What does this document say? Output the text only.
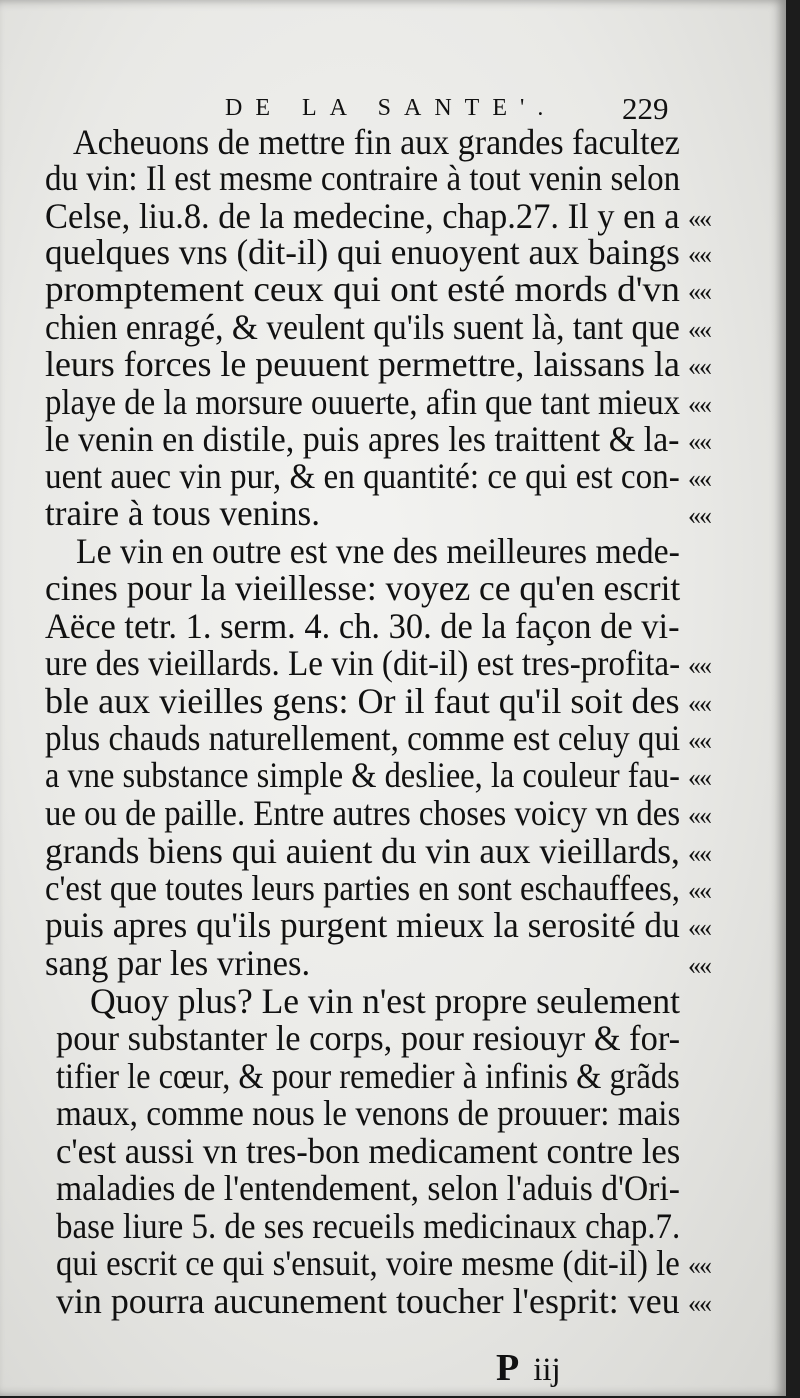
DE LA SANTE'. 229
Acheuons de mettre fin aux grandes facultez
du vin: Il est mesme contraire à tout venin selon
Celse, liu.8. de la medecine, chap.27. Il y en a ««
quelques vns (dit-il) qui enuoyent aux baings ««
promptement ceux qui ont esté mords d'vn ««
chien enragé, & veulent qu'ils suent là, tant que ««
leurs forces le peuuent permettre, laissans la ««
playe de la morsure ouuerte, afin que tant mieux ««
le venin en distile, puis apres les traittent & la- ««
uent auec vin pur, & en quantité: ce qui est con- ««
traire à tous venins.	««
Le vin en outre est vne des meilleures mede-
cines pour la vieillesse: voyez ce qu'en escrit
Aëce tetr. 1. serm. 4. ch. 30. de la façon de vi-
ure des vieillards. Le vin (dit-il) est tres-profita- ««
ble aux vieilles gens: Or il faut qu'il soit des ««
plus chauds naturellement, comme est celuy qui ««
a vne substance simple & desliee, la couleur fau- ««
ue ou de paille. Entre autres choses voicy vn des ««
grands biens qui auient du vin aux vieillards, ««
c'est que toutes leurs parties en sont eschauffees, ««
puis apres qu'ils purgent mieux la serosité du ««
sang par les vrines.	««
Quoy plus? Le vin n'est propre seulement
pour substanter le corps, pour resiouyr & for-
tifier le cœur, & pour remedier à infinis & grãds
maux, comme nous le venons de prouuer: mais
c'est aussi vn tres-bon medicament contre les
maladies de l'entendement, selon l'aduis d'Ori-
base liure 5. de ses recueils medicinaux chap.7.
qui escrit ce qui s'ensuit, voire mesme (dit-il) le ««
vin pourra aucunement toucher l'esprit: veu ««
P iij
